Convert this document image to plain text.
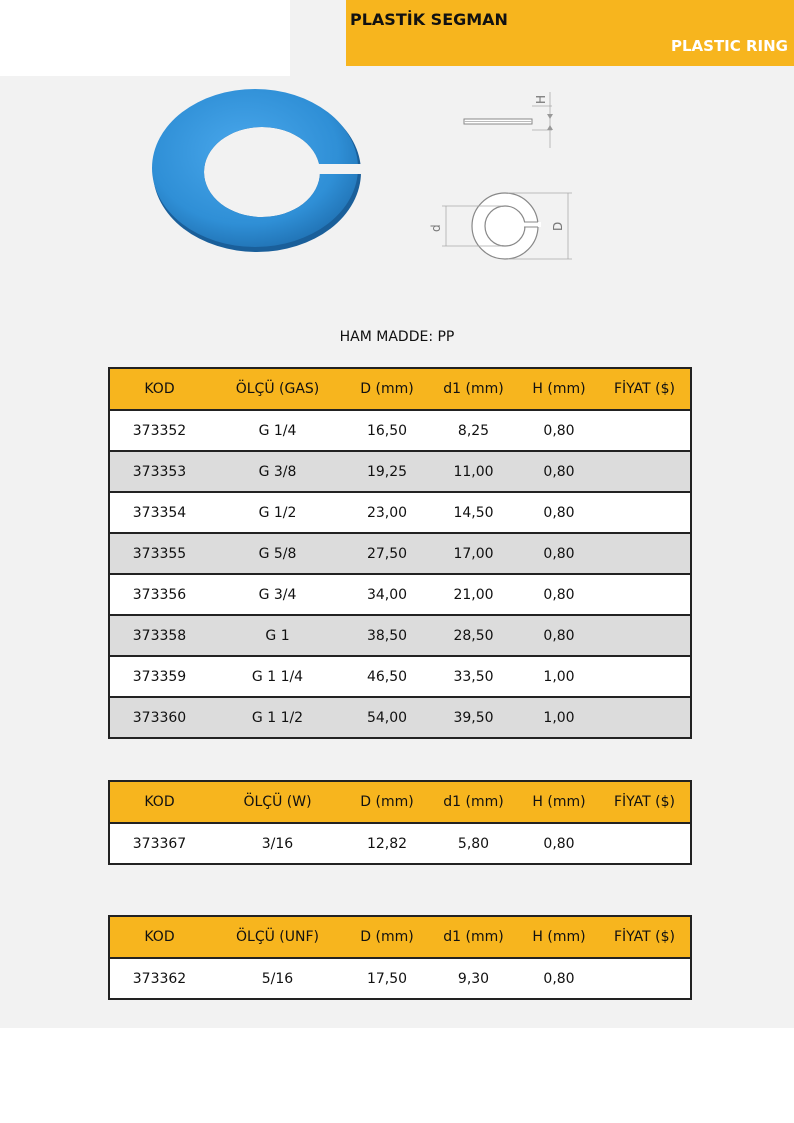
PLASTİK SEGMAN
PLASTIC RING
H
d	D
HAM MADDE: PP
KOD	ÖLÇÜ (GAS)	D (mm)	d1 (mm)	H (mm)	FİYAT ($)
373352	G 1/4	16,50	8,25	0,80	
373353	G 3/8	19,25	11,00	0,80	
373354	G 1/2	23,00	14,50	0,80	
373355	G 5/8	27,50	17,00	0,80	
373356	G 3/4	34,00	21,00	0,80	
373358	G 1	38,50	28,50	0,80	
373359	G 1 1/4	46,50	33,50	1,00	
373360	G 1 1/2	54,00	39,50	1,00	
KOD	ÖLÇÜ (W)	D (mm)	d1 (mm)	H (mm)	FİYAT ($)
373367	3/16	12,82	5,80	0,80	
KOD	ÖLÇÜ (UNF)	D (mm)	d1 (mm)	H (mm)	FİYAT ($)
373362	5/16	17,50	9,30	0,80	
